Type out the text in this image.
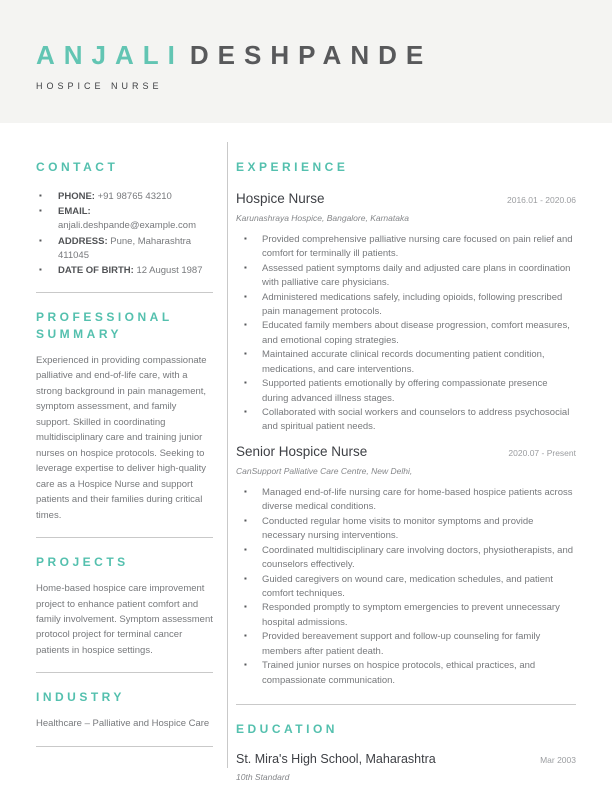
ANJALI DESHPANDE
HOSPICE NURSE
CONTACT
▪ PHONE: +91 98765 43210
▪ EMAIL: anjali.deshpande@example.com
▪ ADDRESS: Pune, Maharashtra 411045
▪ DATE OF BIRTH: 12 August 1987
PROFESSIONAL SUMMARY

Experienced in providing compassionate palliative and end-of-life care, with a strong background in pain management, symptom assessment, and family support. Skilled in coordinating multidisciplinary care and training junior nurses on hospice protocols. Seeking to leverage expertise to deliver high-quality care as a Hospice Nurse and support patients and their families during critical times.

PROJECTS

Home-based hospice care improvement project to enhance patient comfort and family involvement. Symptom assessment protocol project for terminal cancer patients in hospice settings.

INDUSTRY

Healthcare – Palliative and Hospice Care

EXPERIENCE
Hospice Nurse	2016.01 - 2020.06
Karunashraya Hospice, Bangalore, Karnataka
▪ Provided comprehensive palliative nursing care focused on pain relief and comfort for terminally ill patients.
▪ Assessed patient symptoms daily and adjusted care plans in coordination with palliative care physicians.
▪ Administered medications safely, including opioids, following prescribed pain management protocols.
▪ Educated family members about disease progression, comfort measures, and emotional coping strategies.
▪ Maintained accurate clinical records documenting patient condition, medications, and care interventions.
▪ Supported patients emotionally by offering compassionate presence during advanced illness stages.
▪ Collaborated with social workers and counselors to address psychosocial and spiritual patient needs.
Senior Hospice Nurse	2020.07 - Present
CanSupport Palliative Care Centre, New Delhi,
▪ Managed end-of-life nursing care for home-based hospice patients across diverse medical conditions.
▪ Conducted regular home visits to monitor symptoms and provide necessary nursing interventions.
▪ Coordinated multidisciplinary care involving doctors, physiotherapists, and counselors effectively.
▪ Guided caregivers on wound care, medication schedules, and patient comfort techniques.
▪ Responded promptly to symptom emergencies to prevent unnecessary hospital admissions.
▪ Provided bereavement support and follow-up counseling for family members after patient death.
▪ Trained junior nurses on hospice protocols, ethical practices, and compassionate communication.
EDUCATION
St. Mira's High School, Maharashtra	Mar 2003
10th Standard
